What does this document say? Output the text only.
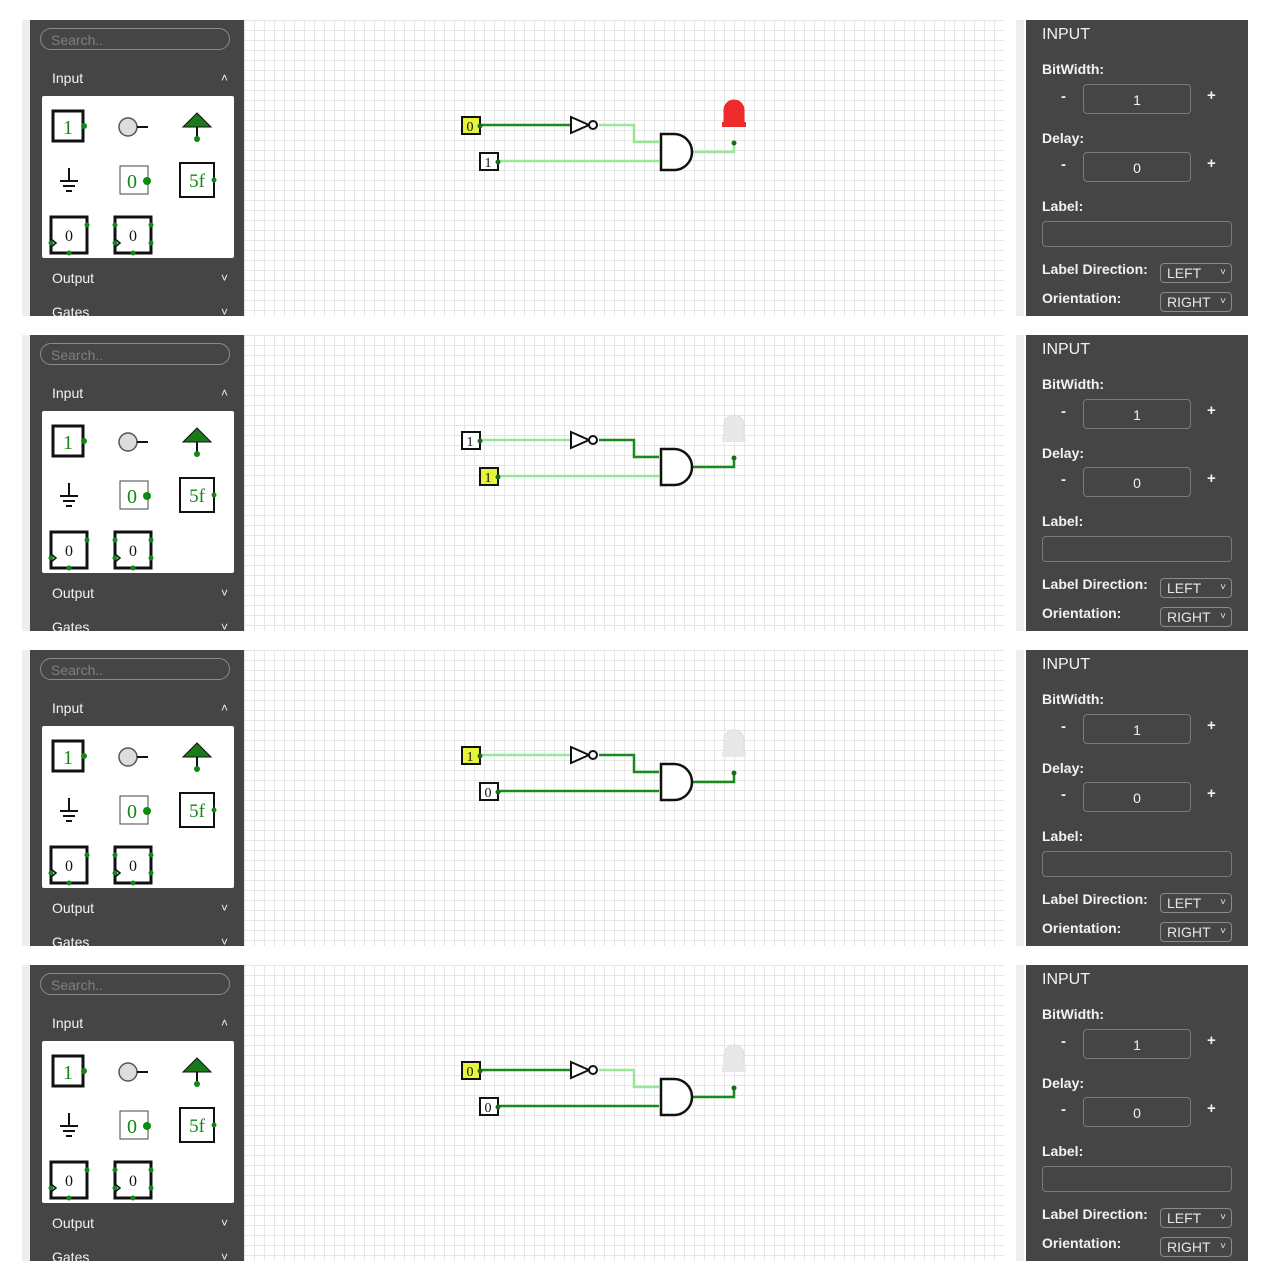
Search..
Input	˄
1
0	5f
0	0
Output	˅
Gates	˅
0
1
INPUT
BitWidth:
-	1	+
Delay:
-	0	+
Label:
Label Direction:	LEFT ˅
Orientation:	RIGHT ˅
Search..
Input	˄
1
0	5f
0	0
Output	˅
Gates	˅
1
1
INPUT
BitWidth:
-	1	+
Delay:
-	0	+
Label:
Label Direction:	LEFT ˅
Orientation:	RIGHT ˅
Search..
Input	˄
1
0	5f
0	0
Output	˅
Gates	˅
1
0
INPUT
BitWidth:
-	1	+
Delay:
-	0	+
Label:
Label Direction:	LEFT ˅
Orientation:	RIGHT ˅
Search..
Input	˄
1
0	5f
0	0
Output	˅
Gates	˅
0
0
INPUT
BitWidth:
-	1	+
Delay:
-	0	+
Label:
Label Direction:	LEFT ˅
Orientation:	RIGHT ˅
